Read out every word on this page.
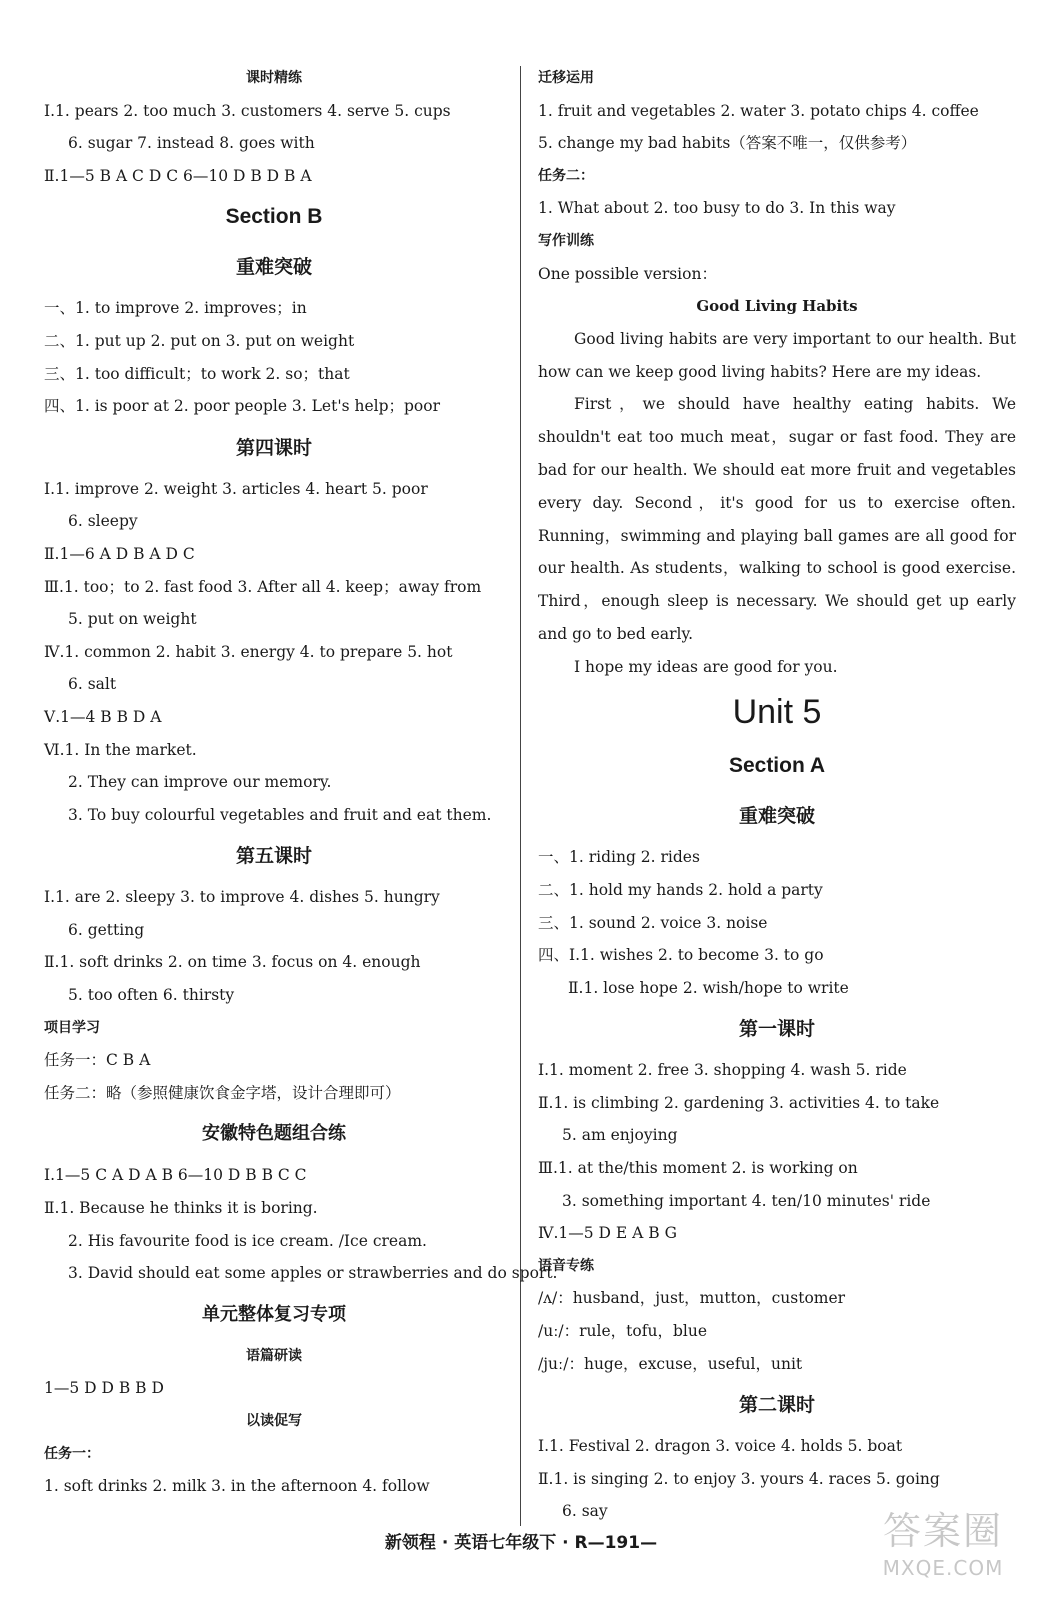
课时精练
Ⅰ.1. pears 2. too much 3. customers 4. serve 5. cups
6. sugar 7. instead 8. goes with
Ⅱ.1—5 B A C D C 6—10 D B D B A
Section B
重难突破
一、1. to improve 2. improves；in
二、1. put up 2. put on 3. put on weight
三、1. too difficult；to work 2. so；that
四、1. is poor at 2. poor people 3. Let's help；poor
第四课时
Ⅰ.1. improve 2. weight 3. articles 4. heart 5. poor
6. sleepy
Ⅱ.1—6 A D B A D C
Ⅲ.1. too；to 2. fast food 3. After all 4. keep；away from
5. put on weight
Ⅳ.1. common 2. habit 3. energy 4. to prepare 5. hot
6. salt
Ⅴ.1—4 B B D A
Ⅵ.1. In the market.
2. They can improve our memory.
3. To buy colourful vegetables and fruit and eat them.
第五课时
Ⅰ.1. are 2. sleepy 3. to improve 4. dishes 5. hungry
6. getting
Ⅱ.1. soft drinks 2. on time 3. focus on 4. enough
5. too often 6. thirsty
项目学习
任务一：C B A
任务二：略（参照健康饮食金字塔，设计合理即可）
安徽特色题组合练
Ⅰ.1—5 C A D A B 6—10 D B B C C
Ⅱ.1. Because he thinks it is boring.
2. His favourite food is ice cream. /Ice cream.
3. David should eat some apples or strawberries and do sport.
单元整体复习专项
语篇研读
1—5 D D B B D
以读促写
任务一：
1. soft drinks 2. milk 3. in the afternoon 4. follow
迁移运用
1. fruit and vegetables 2. water 3. potato chips 4. coffee
5. change my bad habits（答案不唯一，仅供参考）
任务二：
1. What about 2. too busy to do 3. In this way
写作训练
One possible version：
Good Living Habits

Good living habits are very important to our health. But how can we keep good living habits? Here are my ideas.

First，we should have healthy eating habits. We shouldn't eat too much meat，sugar or fast food. They are bad for our health. We should eat more fruit and vegetables every day. Second，it's good for us to exercise often. Running，swimming and playing ball games are all good for our health. As students，walking to school is good exercise. Third，enough sleep is necessary. We should get up early and go to bed early.

I hope my ideas are good for you.
Unit 5
Section A
重难突破
一、1. riding 2. rides
二、1. hold my hands 2. hold a party
三、1. sound 2. voice 3. noise
四、Ⅰ.1. wishes 2. to become 3. to go
Ⅱ.1. lose hope 2. wish/hope to write
第一课时
Ⅰ.1. moment 2. free 3. shopping 4. wash 5. ride
Ⅱ.1. is climbing 2. gardening 3. activities 4. to take
5. am enjoying
Ⅲ.1. at the/this moment 2. is working on
3. something important 4. ten/10 minutes' ride
Ⅳ.1—5 D E A B G
语音专练
/ʌ/：husband，just，mutton，customer
/uː/：rule，tofu，blue
/juː/：huge，excuse，useful，unit
第二课时
Ⅰ.1. Festival 2. dragon 3. voice 4. holds 5. boat
Ⅱ.1. is singing 2. to enjoy 3. yours 4. races 5. going
6. say
新领程 · 英语七年级下 · R—191—	答案圈
MXQE.COM
